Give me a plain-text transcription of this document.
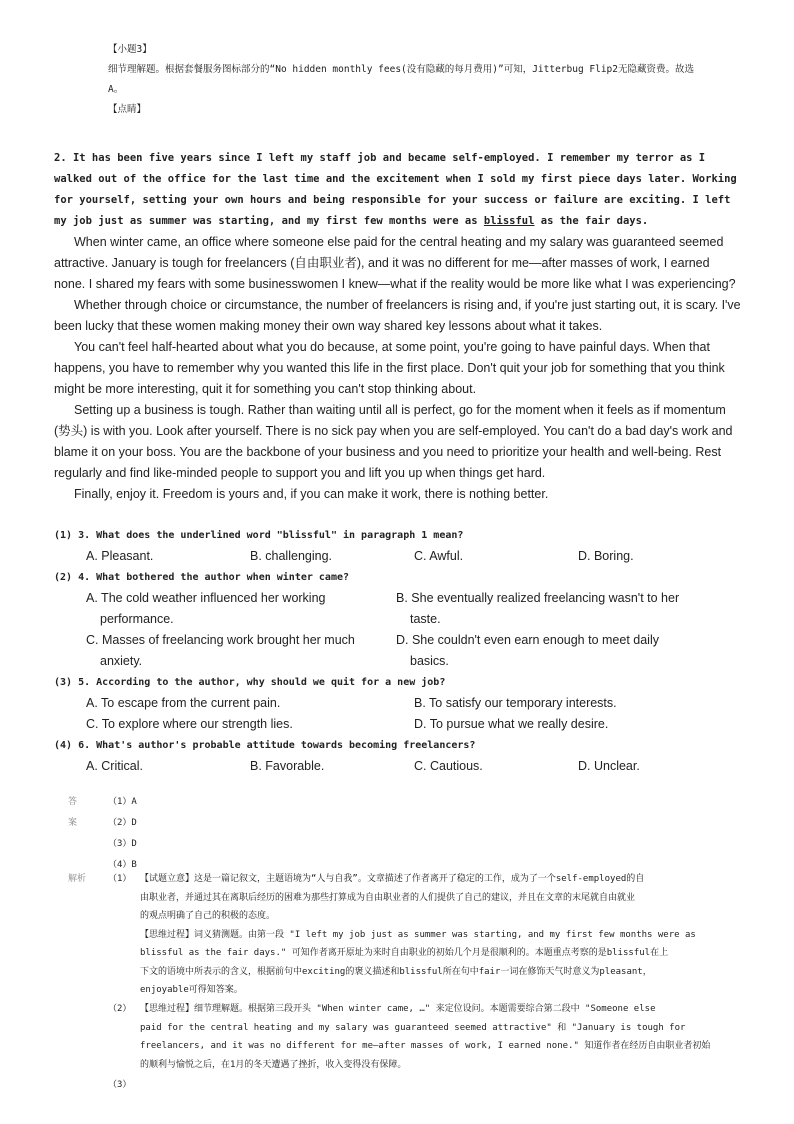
【小题3】
细节理解题。根据套餐服务图标部分的“No hidden monthly fees(没有隐藏的每月费用)”可知，Jitterbug Flip2无隐藏资费。故选
A。
【点睛】

2. It has been five years since I left my staff job and became self-employed. I remember my terror as I walked out of the office for the last time and the excitement when I sold my first piece days later. Working for yourself, setting your own hours and being responsible for your success or failure are exciting. I left my job just as summer was starting, and my first few months were as blissful as the fair days.

When winter came, an office where someone else paid for the central heating and my salary was guaranteed seemed attractive. January is tough for freelancers (自由职业者), and it was no different for me—after masses of work, I earned none. I shared my fears with some businesswomen I knew—what if the reality would be more like what I was experiencing?

Whether through choice or circumstance, the number of freelancers is rising and, if you're just starting out, it is scary. I've been lucky that these women making money their own way shared key lessons about what it takes.

You can't feel half-hearted about what you do because, at some point, you're going to have painful days. When that happens, you have to remember why you wanted this life in the first place. Don't quit your job for something that you think might be more interesting, quit it for something you can't stop thinking about.

Setting up a business is tough. Rather than waiting until all is perfect, go for the moment when it feels as if momentum (势头) is with you. Look after yourself. There is no sick pay when you are self-employed. You can't do a bad day's work and blame it on your boss. You are the backbone of your business and you need to prioritize your health and well-being. Rest regularly and find like-minded people to support you and lift you up when things get hard.

Finally, enjoy it. Freedom is yours and, if you can make it work, there is nothing better.

(1) 3. What does the underlined word "blissful" in paragraph 1 mean?
A. Pleasant.	B. challenging.	C. Awful.	D. Boring.
(2) 4. What bothered the author when winter came?
A. The cold weather influenced her working performance.
B. She eventually realized freelancing wasn't to her taste.
C. Masses of freelancing work brought her much anxiety.
D. She couldn't even earn enough to meet daily basics.
(3) 5. According to the author, why should we quit for a new job?
A. To escape from the current pain.	B. To satisfy our temporary interests.
C. To explore where our strength lies.	D. To pursue what we really desire.
(4) 6. What's author's probable attitude towards becoming freelancers?
A. Critical.	B. Favorable.	C. Cautious.	D. Unclear.
答案
（1）A
（2）D
（3）D
（4）B
解析 （1） 【试题立意】这是一篇记叙文，主题语境为“人与自我”。文章描述了作者离开了稳定的工作，成为了一个self-employed的自
由职业者，并通过其在离职后经历的困难为那些打算成为自由职业者的人们提供了自己的建议，并且在文章的末尾就自由就业
的观点明确了自己的积极的态度。
【思维过程】词义猜测题。由第一段 "I left my job just as summer was starting, and my first few months were as
blissful as the fair days." 可知作者离开原址为来时自由职业的初始几个月是很顺利的。本题重点考察的是blissful在上
下文的语境中所表示的含义，根据前句中exciting的褒义描述和blissful所在句中fair一词在修饰天气时意义为pleasant，
enjoyable可得知答案。
（2） 【思维过程】细节理解题。根据第三段开头 "When winter came, …" 来定位设问。本题需要综合第二段中 "Someone else
paid for the central heating and my salary was guaranteed seemed attractive" 和 "January is tough for
freelancers, and it was no different for me—after masses of work, I earned none." 知道作者在经历自由职业者初始
的顺利与愉悦之后，在1月的冬天遭遇了挫折，收入变得没有保障。
（3）
